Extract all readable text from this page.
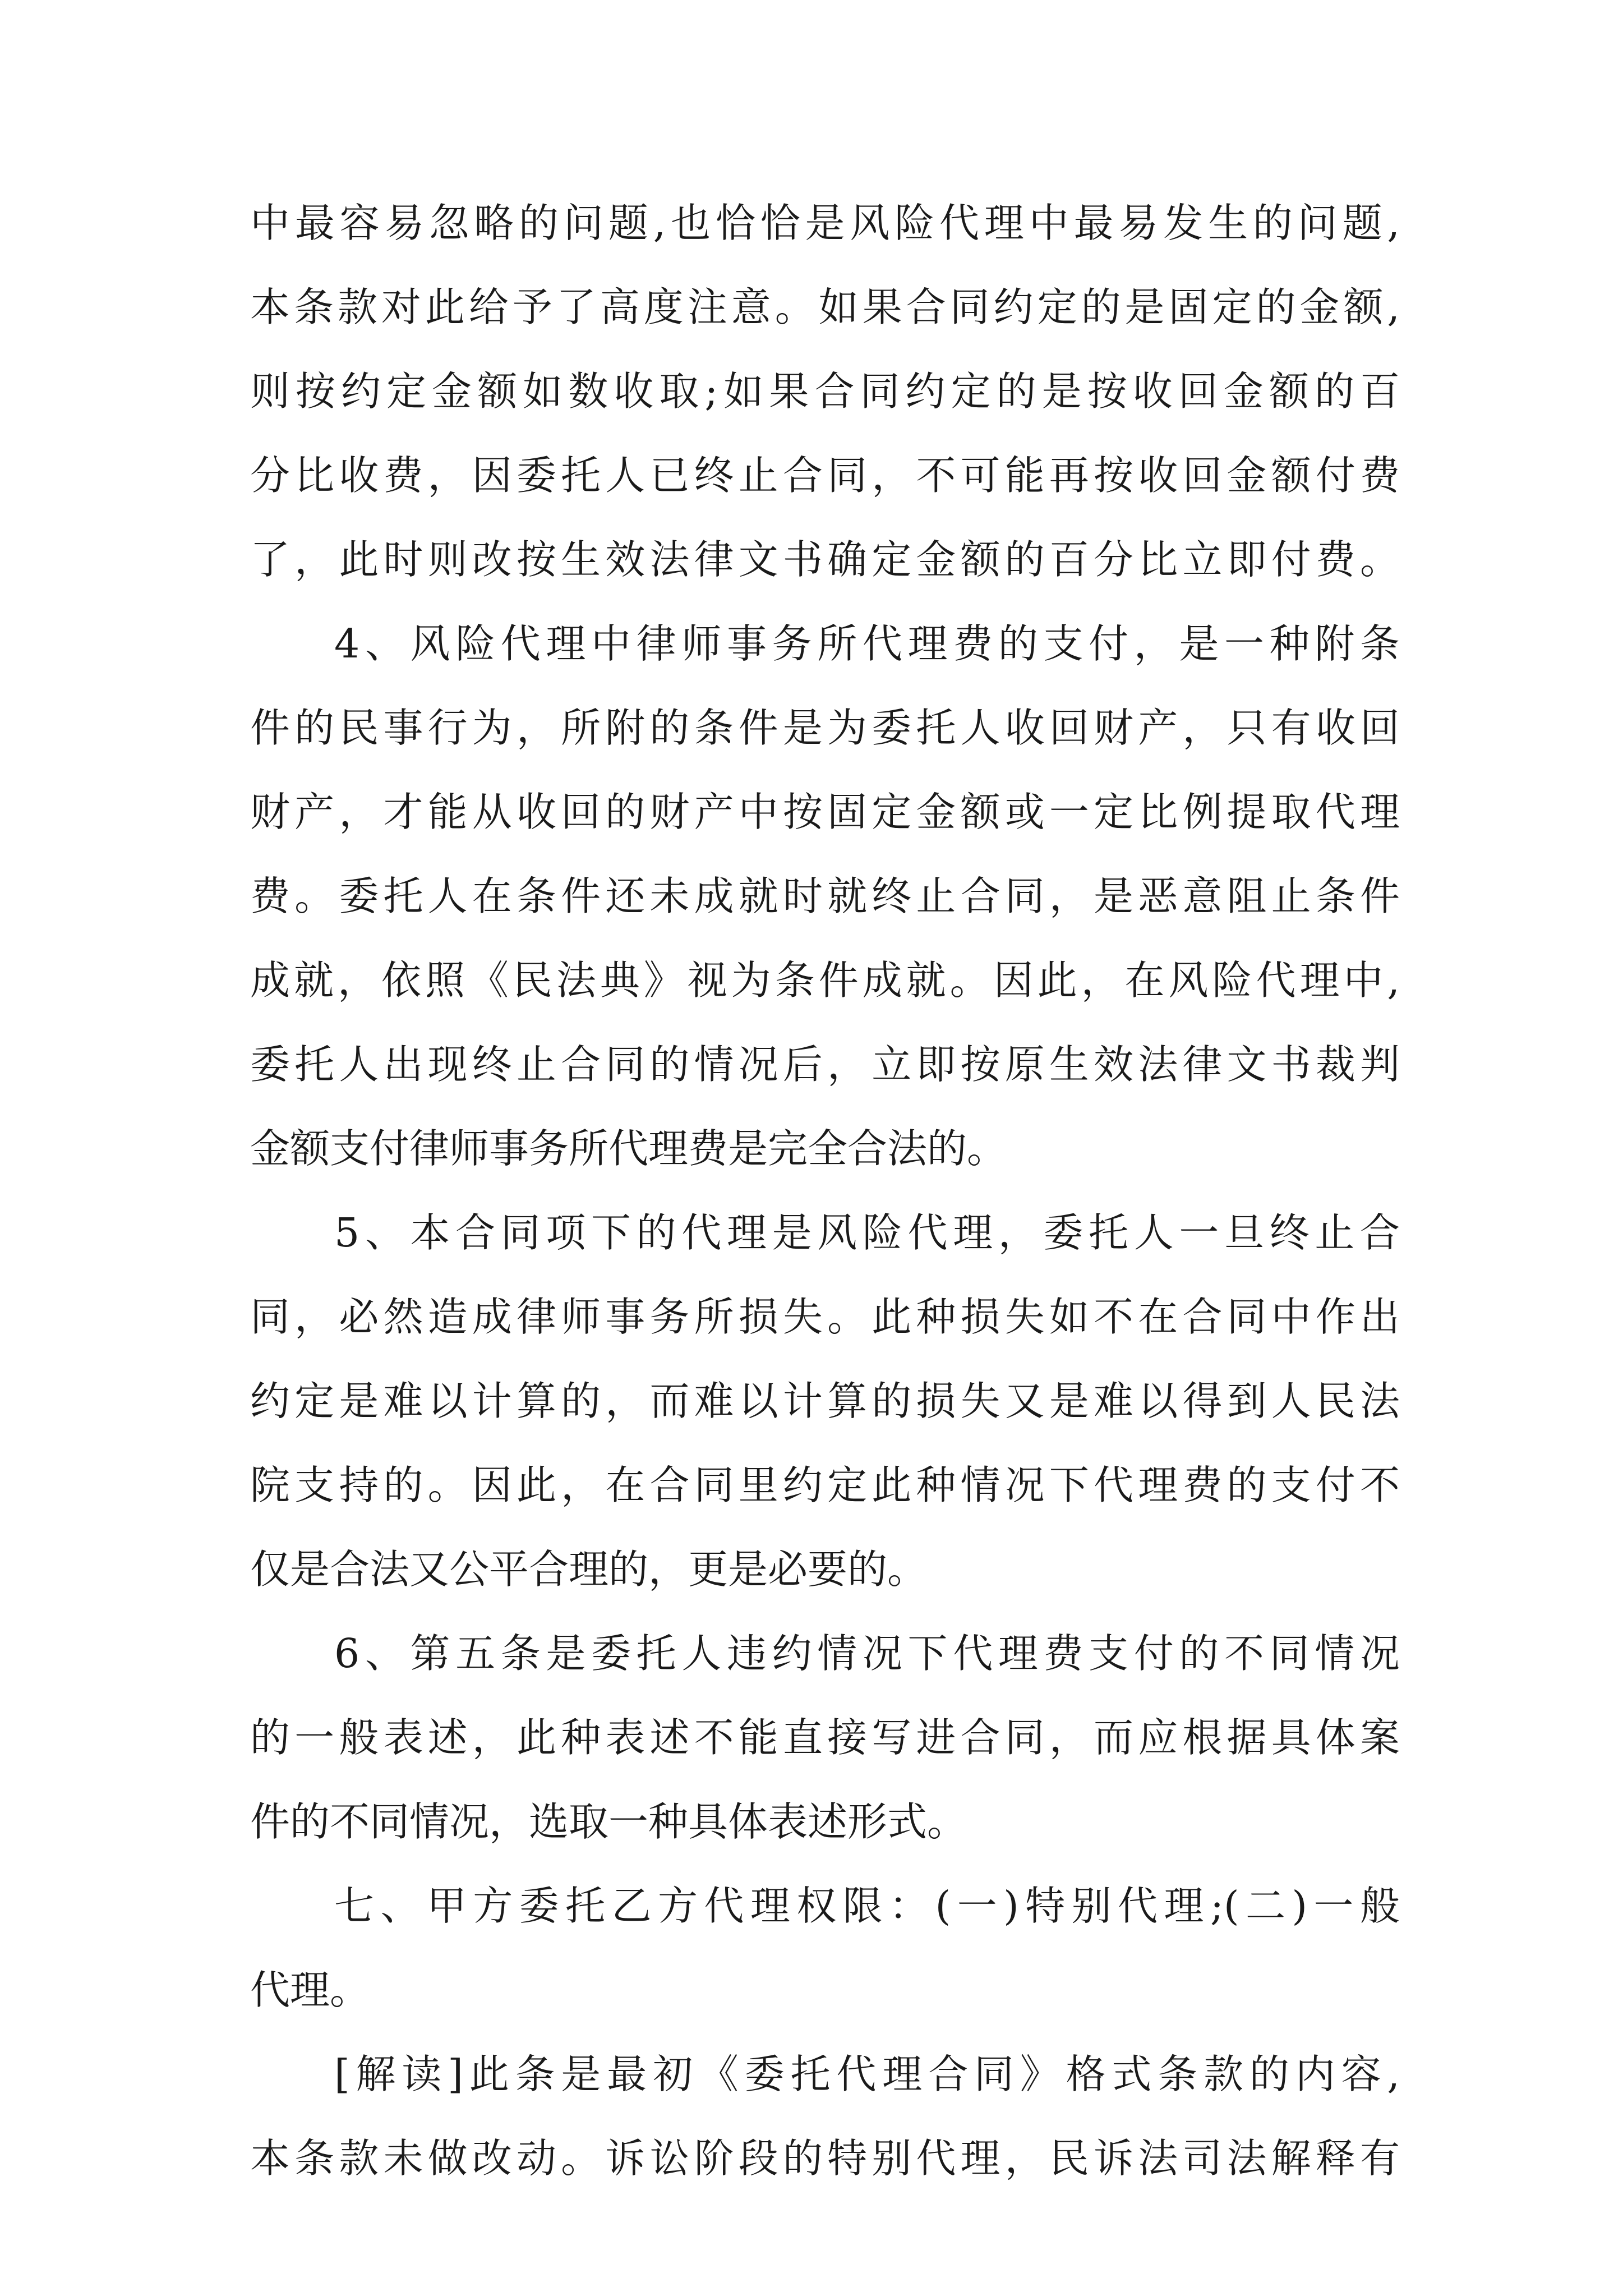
中最容易忽略的问题,也恰恰是风险代理中最易发生的问题,
本条款对此给予了高度注意。如果合同约定的是固定的金额,
则按约定金额如数收取;如果合同约定的是按收回金额的百
分比收费，因委托人已终止合同，不可能再按收回金额付费
了，此时则改按生效法律文书确定金额的百分比立即付费。
4、风险代理中律师事务所代理费的支付，是一种附条
件的民事行为，所附的条件是为委托人收回财产，只有收回
财产，才能从收回的财产中按固定金额或一定比例提取代理
费。委托人在条件还未成就时就终止合同，是恶意阻止条件
成就，依照《民法典》视为条件成就。因此，在风险代理中,
委托人出现终止合同的情况后，立即按原生效法律文书裁判
金额支付律师事务所代理费是完全合法的。
5、本合同项下的代理是风险代理，委托人一旦终止合
同，必然造成律师事务所损失。此种损失如不在合同中作出
约定是难以计算的，而难以计算的损失又是难以得到人民法
院支持的。因此，在合同里约定此种情况下代理费的支付不
仅是合法又公平合理的，更是必要的。
6、第五条是委托人违约情况下代理费支付的不同情况
的一般表述，此种表述不能直接写进合同，而应根据具体案
件的不同情况，选取一种具体表述形式。
七、甲方委托乙方代理权限：(一)特别代理;(二)一般
代理。
[解读]此条是最初《委托代理合同》格式条款的内容,
本条款未做改动。诉讼阶段的特别代理，民诉法司法解释有
